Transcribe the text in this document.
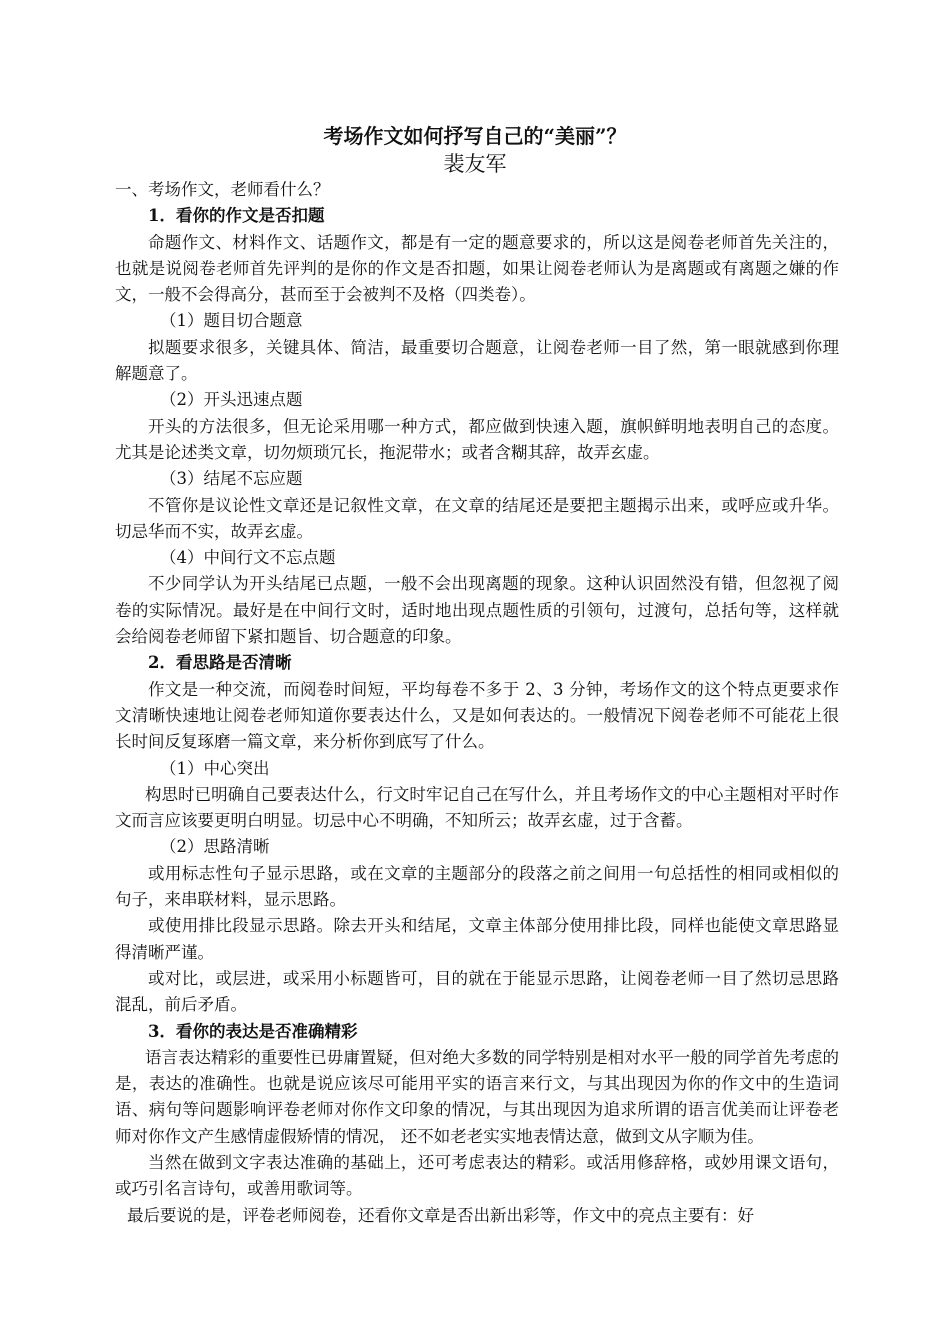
考场作文如何抒写自己的“美丽”？
裴友军

一、考场作文，老师看什么？

1．看你的作文是否扣题

命题作文、材料作文、话题作文，都是有一定的题意要求的，所以这是阅卷老师首先关注的，也就是说阅卷老师首先评判的是你的作文是否扣题，如果让阅卷老师认为是离题或有离题之嫌的作文，一般不会得高分，甚而至于会被判不及格（四类卷）。

（1）题目切合题意

拟题要求很多，关键具体、简洁，最重要切合题意，让阅卷老师一目了然，第一眼就感到你理解题意了。

（2）开头迅速点题

开头的方法很多，但无论采用哪一种方式，都应做到快速入题，旗帜鲜明地表明自己的态度。尤其是论述类文章，切勿烦琐冗长，拖泥带水；或者含糊其辞，故弄玄虚。

（3）结尾不忘应题

不管你是议论性文章还是记叙性文章，在文章的结尾还是要把主题揭示出来，或呼应或升华。切忌华而不实，故弄玄虚。

（4）中间行文不忘点题

不少同学认为开头结尾已点题，一般不会出现离题的现象。这种认识固然没有错，但忽视了阅卷的实际情况。最好是在中间行文时，适时地出现点题性质的引领句，过渡句，总括句等，这样就会给阅卷老师留下紧扣题旨、切合题意的印象。

2．看思路是否清晰

作文是一种交流，而阅卷时间短，平均每卷不多于 2、3 分钟，考场作文的这个特点更要求作文清晰快速地让阅卷老师知道你要表达什么，又是如何表达的。一般情况下阅卷老师不可能花上很长时间反复琢磨一篇文章，来分析你到底写了什么。

（1）中心突出

构思时已明确自己要表达什么，行文时牢记自己在写什么，并且考场作文的中心主题相对平时作文而言应该要更明白明显。切忌中心不明确，不知所云；故弄玄虚，过于含蓄。

（2）思路清晰

或用标志性句子显示思路，或在文章的主题部分的段落之前之间用一句总括性的相同或相似的句子，来串联材料，显示思路。

或使用排比段显示思路。除去开头和结尾，文章主体部分使用排比段，同样也能使文章思路显得清晰严谨。

或对比，或层进，或采用小标题皆可，目的就在于能显示思路，让阅卷老师一目了然切忌思路混乱，前后矛盾。

3．看你的表达是否准确精彩

语言表达精彩的重要性已毋庸置疑，但对绝大多数的同学特别是相对水平一般的同学首先考虑的是，表达的准确性。也就是说应该尽可能用平实的语言来行文，与其出现因为你的作文中的生造词语、病句等问题影响评卷老师对你作文印象的情况，与其出现因为追求所谓的语言优美而让评卷老师对你作文产生感情虚假矫情的情况， 还不如老老实实地表情达意，做到文从字顺为佳。

当然在做到文字表达准确的基础上，还可考虑表达的精彩。或活用修辞格，或妙用课文语句，或巧引名言诗句，或善用歌词等。

最后要说的是，评卷老师阅卷，还看你文章是否出新出彩等，作文中的亮点主要有：好
